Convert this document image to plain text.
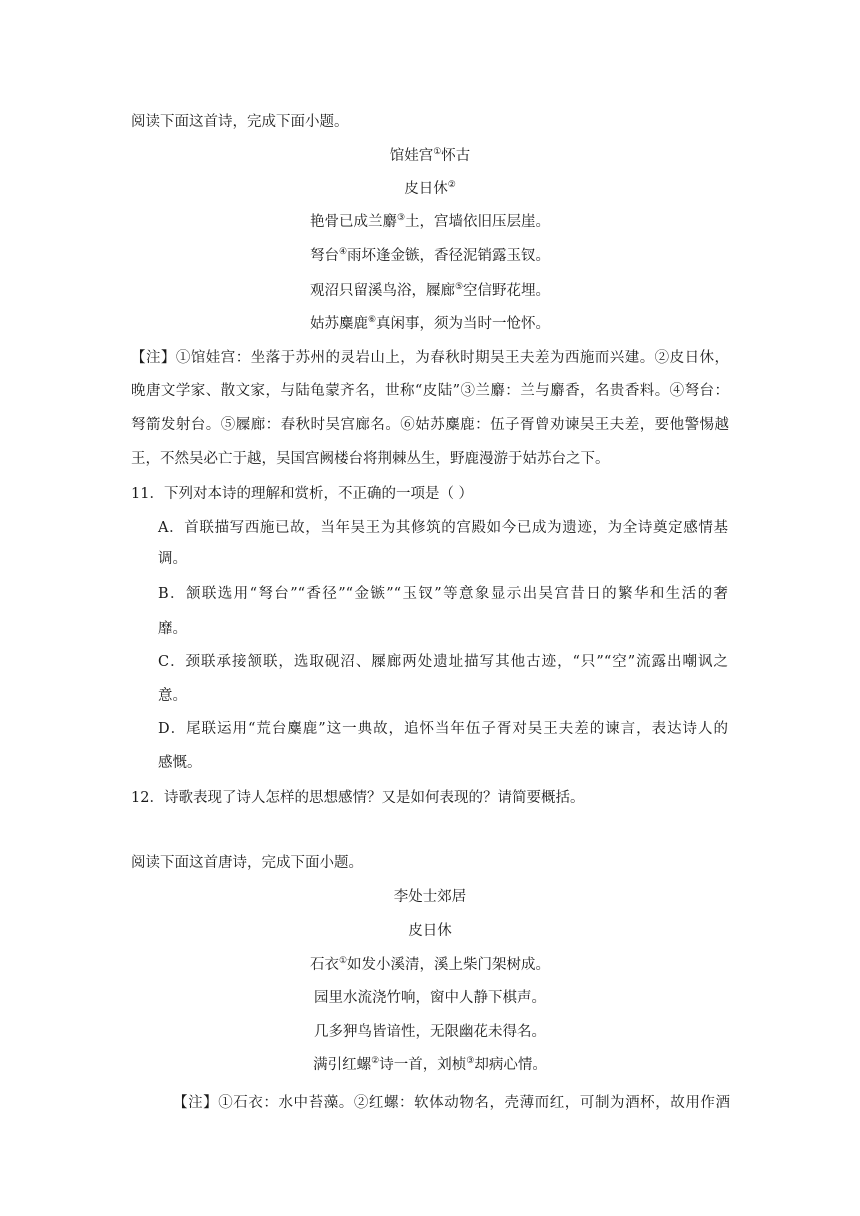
阅读下面这首诗，完成下面小题。
馆娃宫①怀古
皮日休②
艳骨已成兰麝③土，宫墙依旧压层崖。
弩台④雨坏逢金镞，香径泥销露玉钗。
观沼只留溪鸟浴，屧廊⑤空信野花埋。
姑苏麋鹿⑥真闲事，须为当时一怆怀。
【注】①馆娃宫：坐落于苏州的灵岩山上，为春秋时期吴王夫差为西施而兴建。②皮日休，
晚唐文学家、散文家，与陆龟蒙齐名，世称“皮陆”③兰麝：兰与麝香，名贵香料。④弩台：
弩箭发射台。⑤屧廊：春秋时吴宫廊名。⑥姑苏麋鹿：伍子胥曾劝谏吴王夫差，要他警惕越
王，不然吴必亡于越，吴国宫阙楼台将荆棘丛生，野鹿漫游于姑苏台之下。
11．下列对本诗的理解和赏析，不正确的一项是（ ）
A．首联描写西施已故，当年吴王为其修筑的宫殿如今已成为遗迹，为全诗奠定感情基
调。
B．颔联选用“弩台”“香径”“金镞”“玉钗”等意象显示出吴宫昔日的繁华和生活的奢
靡。
C．颈联承接颔联，选取砚沼、屧廊两处遗址描写其他古迹，“只”“空”流露出嘲讽之
意。
D．尾联运用“荒台麋鹿”这一典故，追怀当年伍子胥对吴王夫差的谏言，表达诗人的
感慨。
12．诗歌表现了诗人怎样的思想感情？又是如何表现的？请简要概括。
阅读下面这首唐诗，完成下面小题。
李处士郊居
皮日休
石衣①如发小溪清，溪上柴门架树成。
园里水流浇竹响，窗中人静下棋声。
几多狎鸟皆谙性，无限幽花未得名。
满引红螺②诗一首，刘桢③却病心情。
【注】①石衣：水中苔藻。②红螺：软体动物名，壳薄而红，可制为酒杯，故用作酒
